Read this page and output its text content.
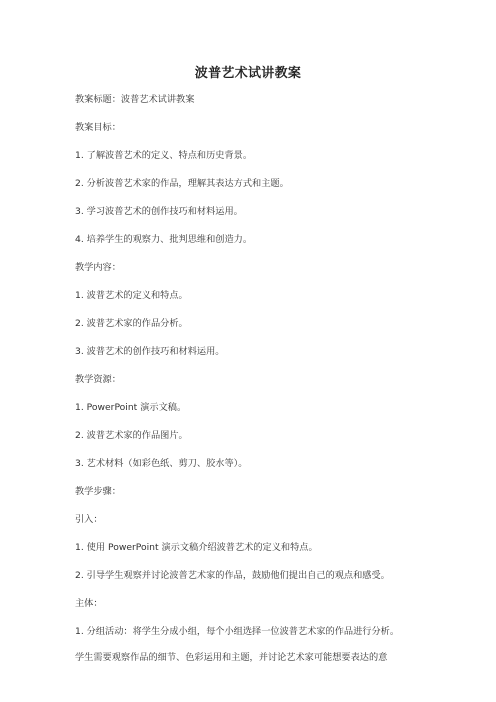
波普艺术试讲教案
教案标题：波普艺术试讲教案
教案目标：
1. 了解波普艺术的定义、特点和历史背景。
2. 分析波普艺术家的作品，理解其表达方式和主题。
3. 学习波普艺术的创作技巧和材料运用。
4. 培养学生的观察力、批判思维和创造力。
教学内容：
1. 波普艺术的定义和特点。
2. 波普艺术家的作品分析。
3. 波普艺术的创作技巧和材料运用。
教学资源：
1. PowerPoint 演示文稿。
2. 波普艺术家的作品图片。
3. 艺术材料（如彩色纸、剪刀、胶水等）。
教学步骤：
引入：
1. 使用 PowerPoint 演示文稿介绍波普艺术的定义和特点。
2. 引导学生观察并讨论波普艺术家的作品，鼓励他们提出自己的观点和感受。
主体：
1. 分组活动：将学生分成小组，每个小组选择一位波普艺术家的作品进行分析。
学生需要观察作品的细节、色彩运用和主题，并讨论艺术家可能想要表达的意
